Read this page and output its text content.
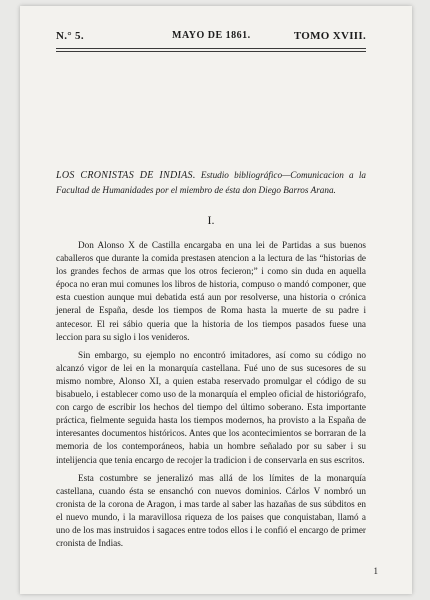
N.° 5.	MAYO DE 1861.	TOMO XVIII.
LOS CRONISTAS DE INDIAS. Estudio bibliográfico—Comunicacion a la Facultad de Humanidades por el miembro de ésta don Diego Barros Arana.
I.

Don Alonso X de Castilla encargaba en una lei de Partidas a sus buenos caballeros que durante la comida prestasen atencion a la lectura de las “historias de los grandes fechos de armas que los otros fecieron;” i como sin duda en aquella época no eran mui comunes los libros de historia, compuso o mandó componer, que esta cuestion aunque mui debatida está aun por resolverse, una historia o crónica jeneral de España, desde los tiempos de Roma hasta la muerte de su padre i antecesor. El rei sábio queria que la historia de los tiempos pasados fuese una leccion para su siglo i los venideros.

Sin embargo, su ejemplo no encontró imitadores, así como su código no alcanzó vigor de lei en la monarquía castellana. Fué uno de sus sucesores de su mismo nombre, Alonso XI, a quien estaba reservado promulgar el código de su bisabuelo, i establecer como uso de la monarquía el empleo oficial de historiógrafo, con cargo de escribir los hechos del tiempo del último soberano. Esta importante práctica, fielmente seguida hasta los tiempos modernos, ha provisto a la España de interesantes documentos históricos. Antes que los acontecimientos se borraran de la memoria de los contemporáneos, habia un hombre señalado por su saber i su intelijencia que tenia encargo de recojer la tradicion i de conservarla en sus escritos.

Esta costumbre se jeneralizó mas allá de los límites de la monarquía castellana, cuando ésta se ensanchó con nuevos dominios. Cárlos V nombró un cronista de la corona de Aragon, i mas tarde al saber las hazañas de sus súbditos en el nuevo mundo, i la maravillosa riqueza de los paises que conquistaban, llamó a uno de los mas instruidos i sagaces entre todos ellos i le confió el encargo de primer cronista de Indias.

1
